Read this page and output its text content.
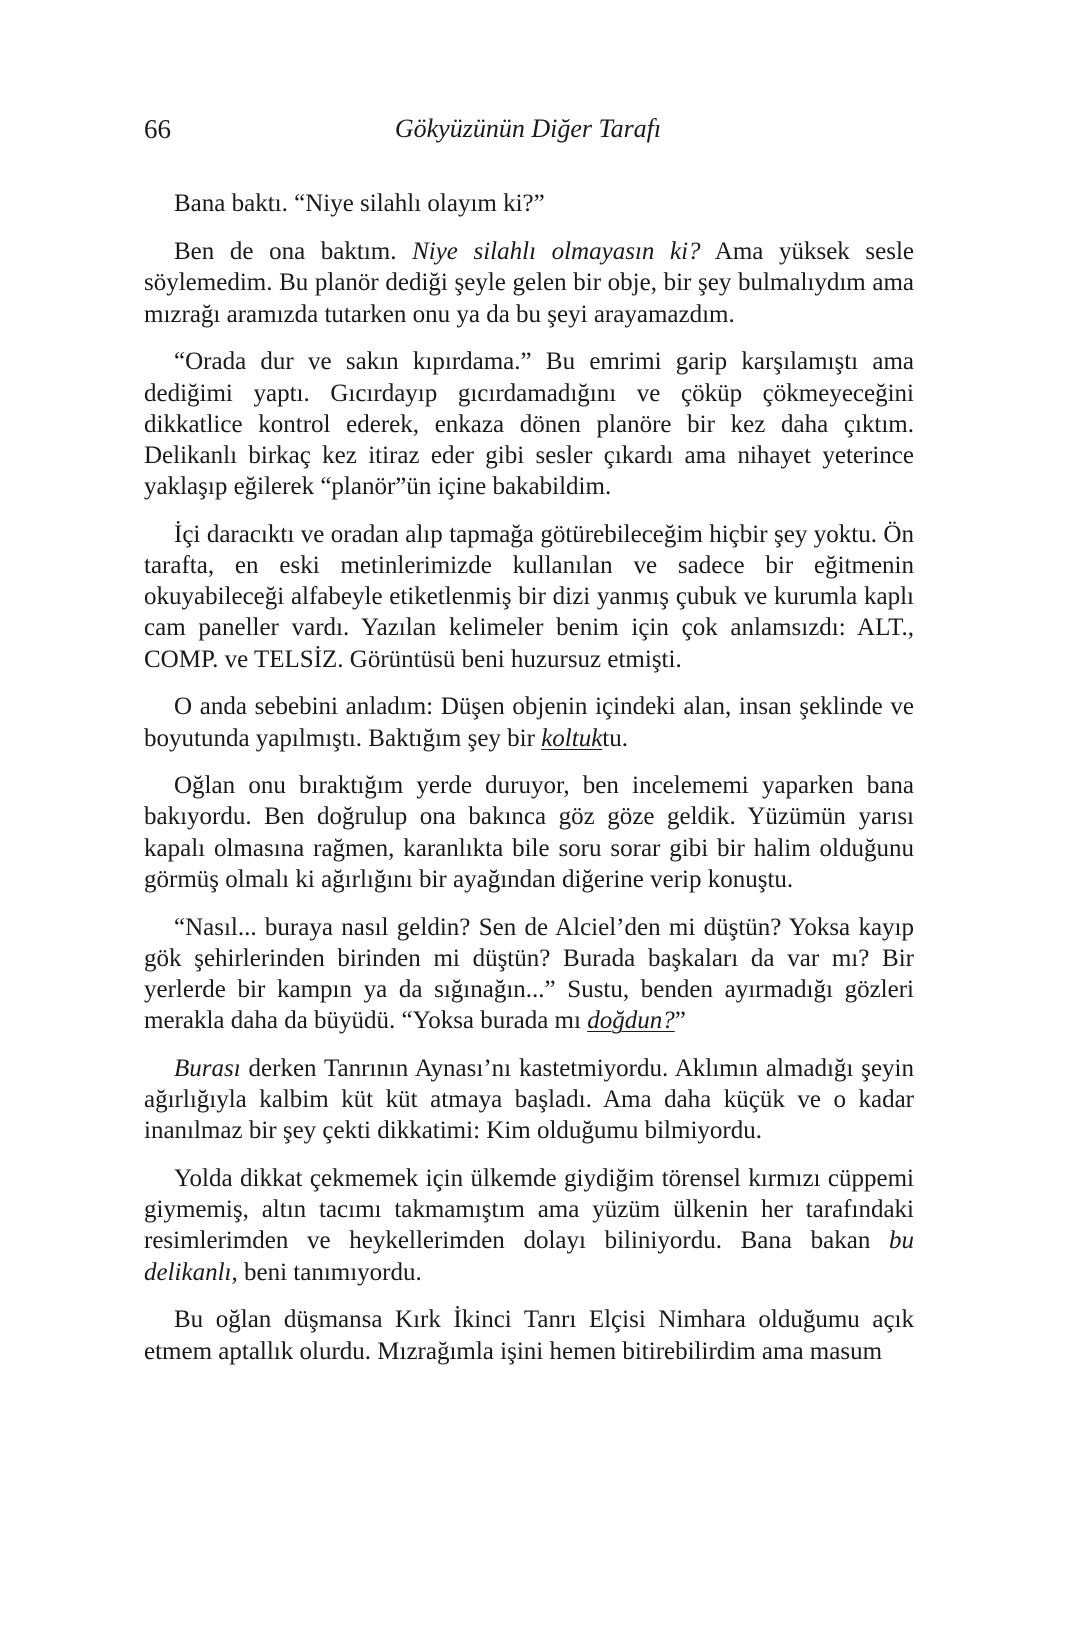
66	Gökyüzünün Diğer Tarafı

Bana baktı. “Niye silahlı olayım ki?”

Ben de ona baktım. Niye silahlı olmayasın ki? Ama yüksek sesle söylemedim. Bu planör dediği şeyle gelen bir obje, bir şey bulmalıydım ama mızrağı aramızda tutarken onu ya da bu şeyi arayamazdım.

“Orada dur ve sakın kıpırdama.” Bu emrimi garip karşılamıştı ama dediğimi yaptı. Gıcırdayıp gıcırdamadığını ve çöküp çökmeyeceğini dikkatlice kontrol ederek, enkaza dönen planöre bir kez daha çıktım. Delikanlı birkaç kez itiraz eder gibi sesler çıkardı ama nihayet yeterince yaklaşıp eğilerek “planör”ün içine bakabildim.

İçi daracıktı ve oradan alıp tapmağa götürebileceğim hiçbir şey yoktu. Ön tarafta, en eski metinlerimizde kullanılan ve sadece bir eğitmenin okuyabileceği alfabeyle etiketlenmiş bir dizi yanmış çubuk ve kurumla kaplı cam paneller vardı. Yazılan kelimeler benim için çok anlamsızdı: ALT., COMP. ve TELSİZ. Görüntüsü beni huzursuz etmişti.

O anda sebebini anladım: Düşen objenin içindeki alan, insan şeklinde ve boyutunda yapılmıştı. Baktığım şey bir koltuktu.

Oğlan onu bıraktığım yerde duruyor, ben incelememi yaparken bana bakıyordu. Ben doğrulup ona bakınca göz göze geldik. Yüzümün yarısı kapalı olmasına rağmen, karanlıkta bile soru sorar gibi bir halim olduğunu görmüş olmalı ki ağırlığını bir ayağından diğerine verip konuştu.

“Nasıl... buraya nasıl geldin? Sen de Alciel’den mi düştün? Yoksa kayıp gök şehirlerinden birinden mi düştün? Burada başkaları da var mı? Bir yerlerde bir kampın ya da sığınağın...” Sustu, benden ayırmadığı gözleri merakla daha da büyüdü. “Yoksa burada mı doğdun?”

Burası derken Tanrının Aynası’nı kastetmiyordu. Aklımın almadığı şeyin ağırlığıyla kalbim küt küt atmaya başladı. Ama daha küçük ve o kadar inanılmaz bir şey çekti dikkatimi: Kim olduğumu bilmiyordu.

Yolda dikkat çekmemek için ülkemde giydiğim törensel kırmızı cüppemi giymemiş, altın tacımı takmamıştım ama yüzüm ülkenin her tarafındaki resimlerimden ve heykellerimden dolayı biliniyordu. Bana bakan bu delikanlı, beni tanımıyordu.

Bu oğlan düşmansa Kırk İkinci Tanrı Elçisi Nimhara olduğumu açık etmem aptallık olurdu. Mızrağımla işini hemen bitirebilirdim ama masum
